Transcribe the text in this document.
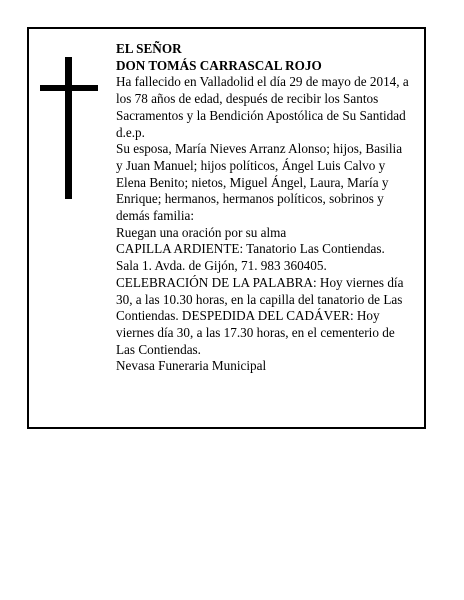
EL SEÑOR
DON TOMÁS CARRASCAL ROJO
Ha fallecido en Valladolid el día 29 de mayo de 2014, a
los 78 años de edad, después de recibir los Santos
Sacramentos y la Bendición Apostólica de Su Santidad
d.e.p.
Su esposa, María Nieves Arranz Alonso; hijos, Basilia
y Juan Manuel; hijos políticos, Ángel Luis Calvo y
Elena Benito; nietos, Miguel Ángel, Laura, María y
Enrique; hermanos, hermanos políticos, sobrinos y
demás familia:
Ruegan una oración por su alma
CAPILLA ARDIENTE: Tanatorio Las Contiendas.
Sala 1. Avda. de Gijón, 71. 983 360405.
CELEBRACIÓN DE LA PALABRA: Hoy viernes día
30, a las 10.30 horas, en la capilla del tanatorio de Las
Contiendas. DESPEDIDA DEL CADÁVER: Hoy
viernes día 30, a las 17.30 horas, en el cementerio de
Las Contiendas.
Nevasa Funeraria Municipal
